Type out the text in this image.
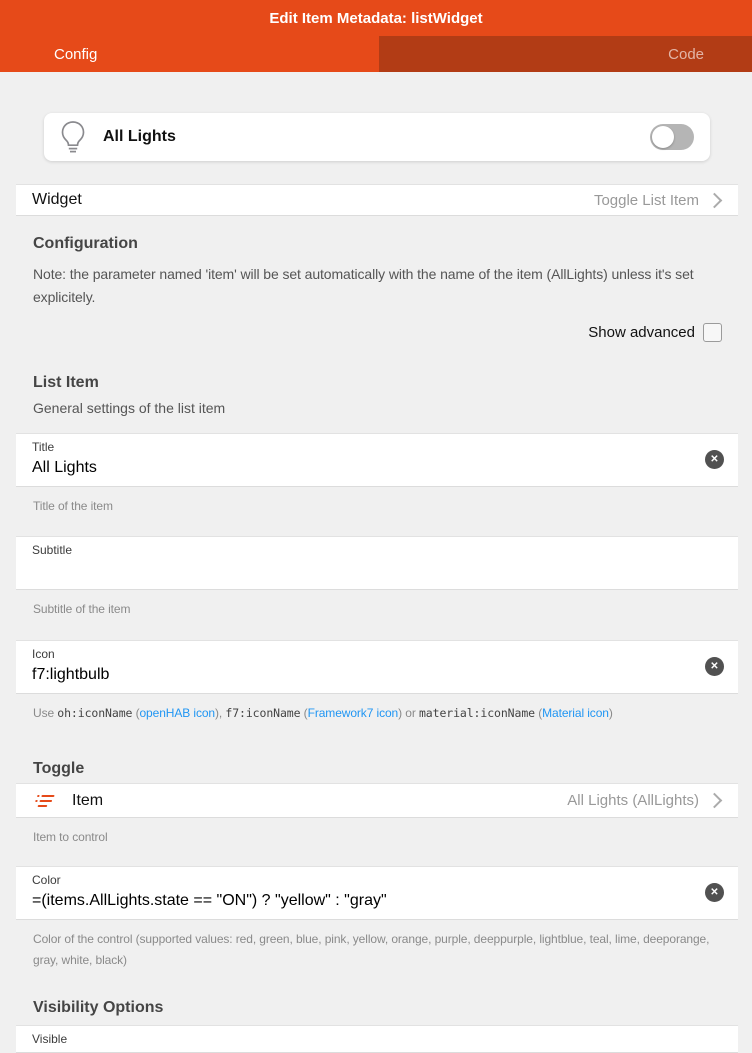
Edit Item Metadata: listWidget
Config	Code
All Lights
Widget	Toggle List Item
Configuration

Note: the parameter named 'item' will be set automatically with the name of the item (AllLights) unless it's set explicitely.

Show advanced
List Item

General settings of the list item

Title
All Lights
✕

Title of the item

Subtitle

Subtitle of the item

Icon
f7:lightbulb
✕

Use oh:iconName (openHAB icon), f7:iconName (Framework7 icon) or material:iconName (Material icon)

Toggle
Item	All Lights (AllLights)

Item to control

Color
=(items.AllLights.state == "ON") ? "yellow" : "gray"
✕

Color of the control (supported values: red, green, blue, pink, yellow, orange, purple, deeppurple, lightblue, teal, lime, deeporange, gray, white, black)

Visibility Options
Visible
